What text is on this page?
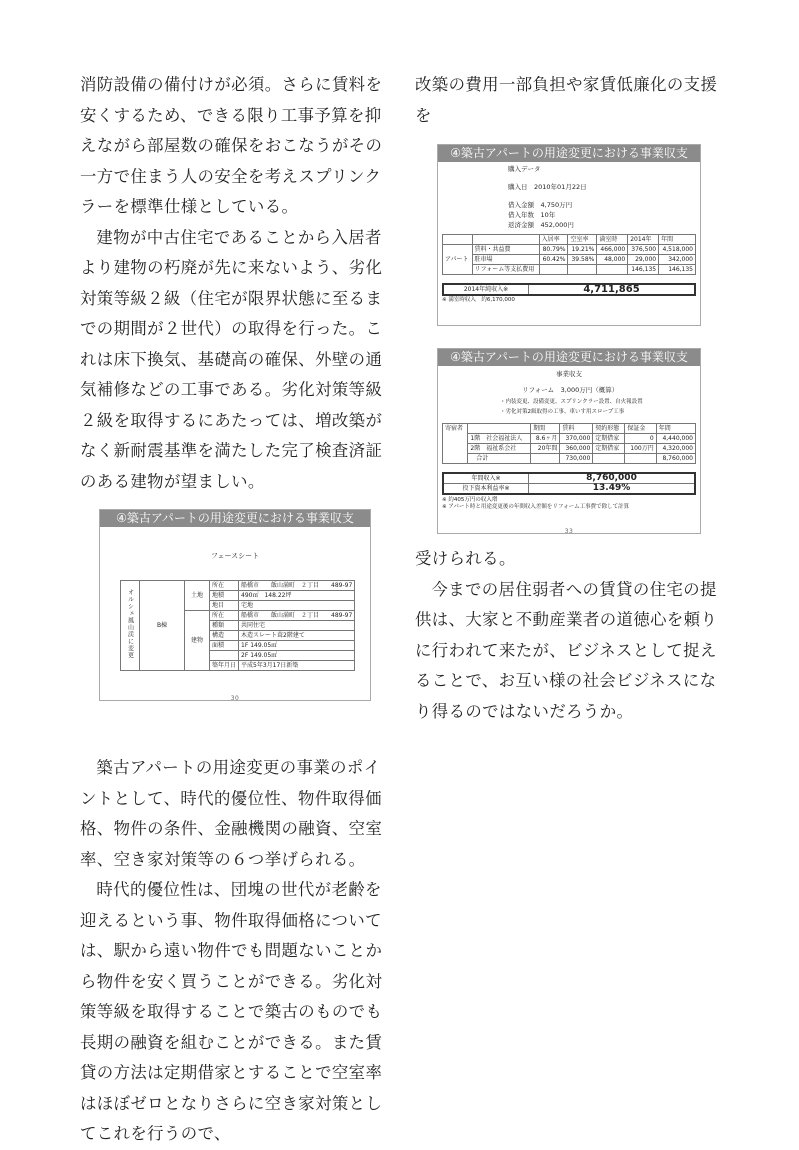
消防設備の備付けが必須。さらに賃料を安くするため、できる限り工事予算を抑えながら部屋数の確保をおこなうがその一方で住まう人の安全を考えスプリンクラーを標準仕様としている。

建物が中古住宅であることから入居者より建物の朽廃が先に来ないよう、劣化対策等級２級（住宅が限界状態に至るまでの期間が２世代）の取得を行った。これは床下換気、基礎高の確保、外壁の通気補修などの工事である。劣化対策等級２級を取得するにあたっては、増改築がなく新耐震基準を満たした完了検査済証のある建物が望ましい。

④築古アパートの用途変更における事業収支
フェースシート
オルシェ鳳山渓に変更	B棟	土地	所在	船橋市　　飯山満町　２丁目　　489-97
			地積	490㎡　148.22坪
			地目	宅地
		建物	所在	船橋市　　飯山満町　２丁目　　489-97
			種類	共同住宅
			構造	木造スレート葺2階建て
			面積	1F 149.05㎡
				2F 149.05㎡
			築年月日	平成5年3月17日新築
30

築古アパートの用途変更の事業のポイントとして、時代的優位性、物件取得価格、物件の条件、金融機関の融資、空室率、空き家対策等の６つ挙げられる。

時代的優位性は、団塊の世代が老齢を迎えるという事、物件取得価格については、駅から遠い物件でも問題ないことから物件を安く買うことができる。劣化対策等級を取得することで築古のものでも長期の融資を組むことができる。また賃貸の方法は定期借家とすることで空室率はほぼゼロとなりさらに空き家対策としてこれを行うので、

改築の費用一部負担や家賃低廉化の支援を

④築古アパートの用途変更における事業収支
購入データ
購入日　 2010年01月22日
借入金額　 4,750万円
借入年数　 10年
返済金額　 452,000円
		入居率	空室率	満室時	2014年	年間
アパート	賃料・共益費	80.79%	19.21%	466,000	376,500	4,518,000
	駐車場	60.42%	39.58%	48,000	29,000	342,000
	リフォーム等支払費用				146,135	146,135
2014年純収入※	4,711,865
※ 満室時収入　約6,170,000
④築古アパートの用途変更における事業収支
事業収支
リフォーム　3,000万円（概算）
・内装変更、設備変更、スプリンクラー設置、自火報設置
・劣化対策2級取得の工事、車いす用スロープ工事
寄宿者		期間	賃料	契約形態	保証金	年間
	1階　社会福祉法人	8.6ヶ月	370,000	定期借家	0	4,440,000
	2階　福祉系会社	20年間	360,000	定期借家	100万円	4,320,000
	合計		730,000			8,760,000
年間収入※	8,760,000
投下資本利益率※	13.49%
※ 約405万円の収入増
※ アパート時と用途変更後の年間収入差額をリフォーム工事費で除して計算
33

受けられる。

今までの居住弱者への賃貸の住宅の提供は、大家と不動産業者の道徳心を頼りに行われて来たが、ビジネスとして捉えることで、お互い様の社会ビジネスになり得るのではないだろうか。
